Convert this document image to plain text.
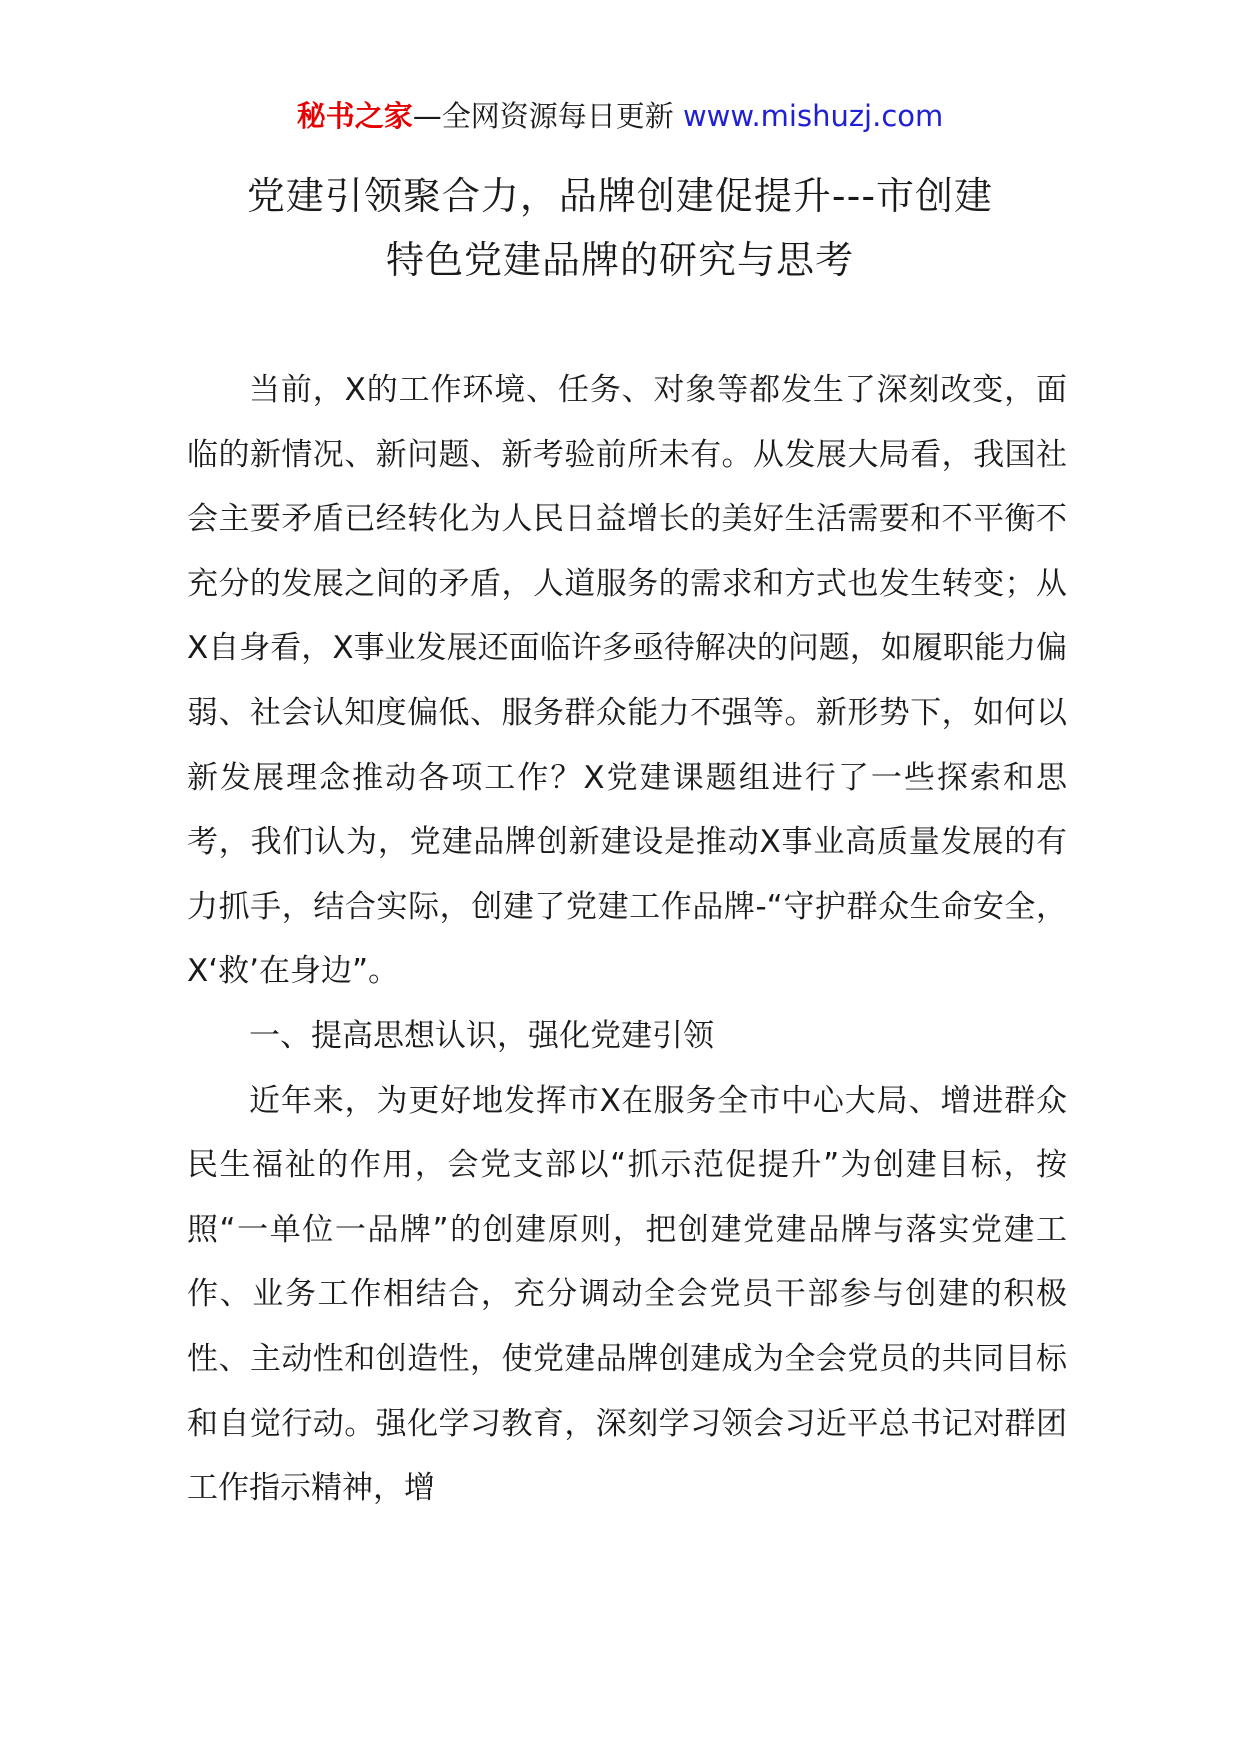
秘书之家—全网资源每日更新 www.mishuzj.com
党建引领聚合力，品牌创建促提升---市创建
特色党建品牌的研究与思考

当前，X的工作环境、任务、对象等都发生了深刻改变，面临的新情况、新问题、新考验前所未有。从发展大局看，我国社会主要矛盾已经转化为人民日益增长的美好生活需要和不平衡不充分的发展之间的矛盾，人道服务的需求和方式也发生转变；从X自身看，X事业发展还面临许多亟待解决的问题，如履职能力偏弱、社会认知度偏低、服务群众能力不强等。新形势下，如何以新发展理念推动各项工作？X党建课题组进行了一些探索和思考，我们认为，党建品牌创新建设是推动X事业高质量发展的有力抓手，结合实际，创建了党建工作品牌-“守护群众生命安全，X‘救’在身边”。

一、提高思想认识，强化党建引领

近年来，为更好地发挥市X在服务全市中心大局、增进群众民生福祉的作用，会党支部以“抓示范促提升”为创建目标，按照“一单位一品牌”的创建原则，把创建党建品牌与落实党建工作、业务工作相结合，充分调动全会党员干部参与创建的积极性、主动性和创造性，使党建品牌创建成为全会党员的共同目标和自觉行动。强化学习教育，深刻学习领会习近平总书记对群团工作指示精神，增
